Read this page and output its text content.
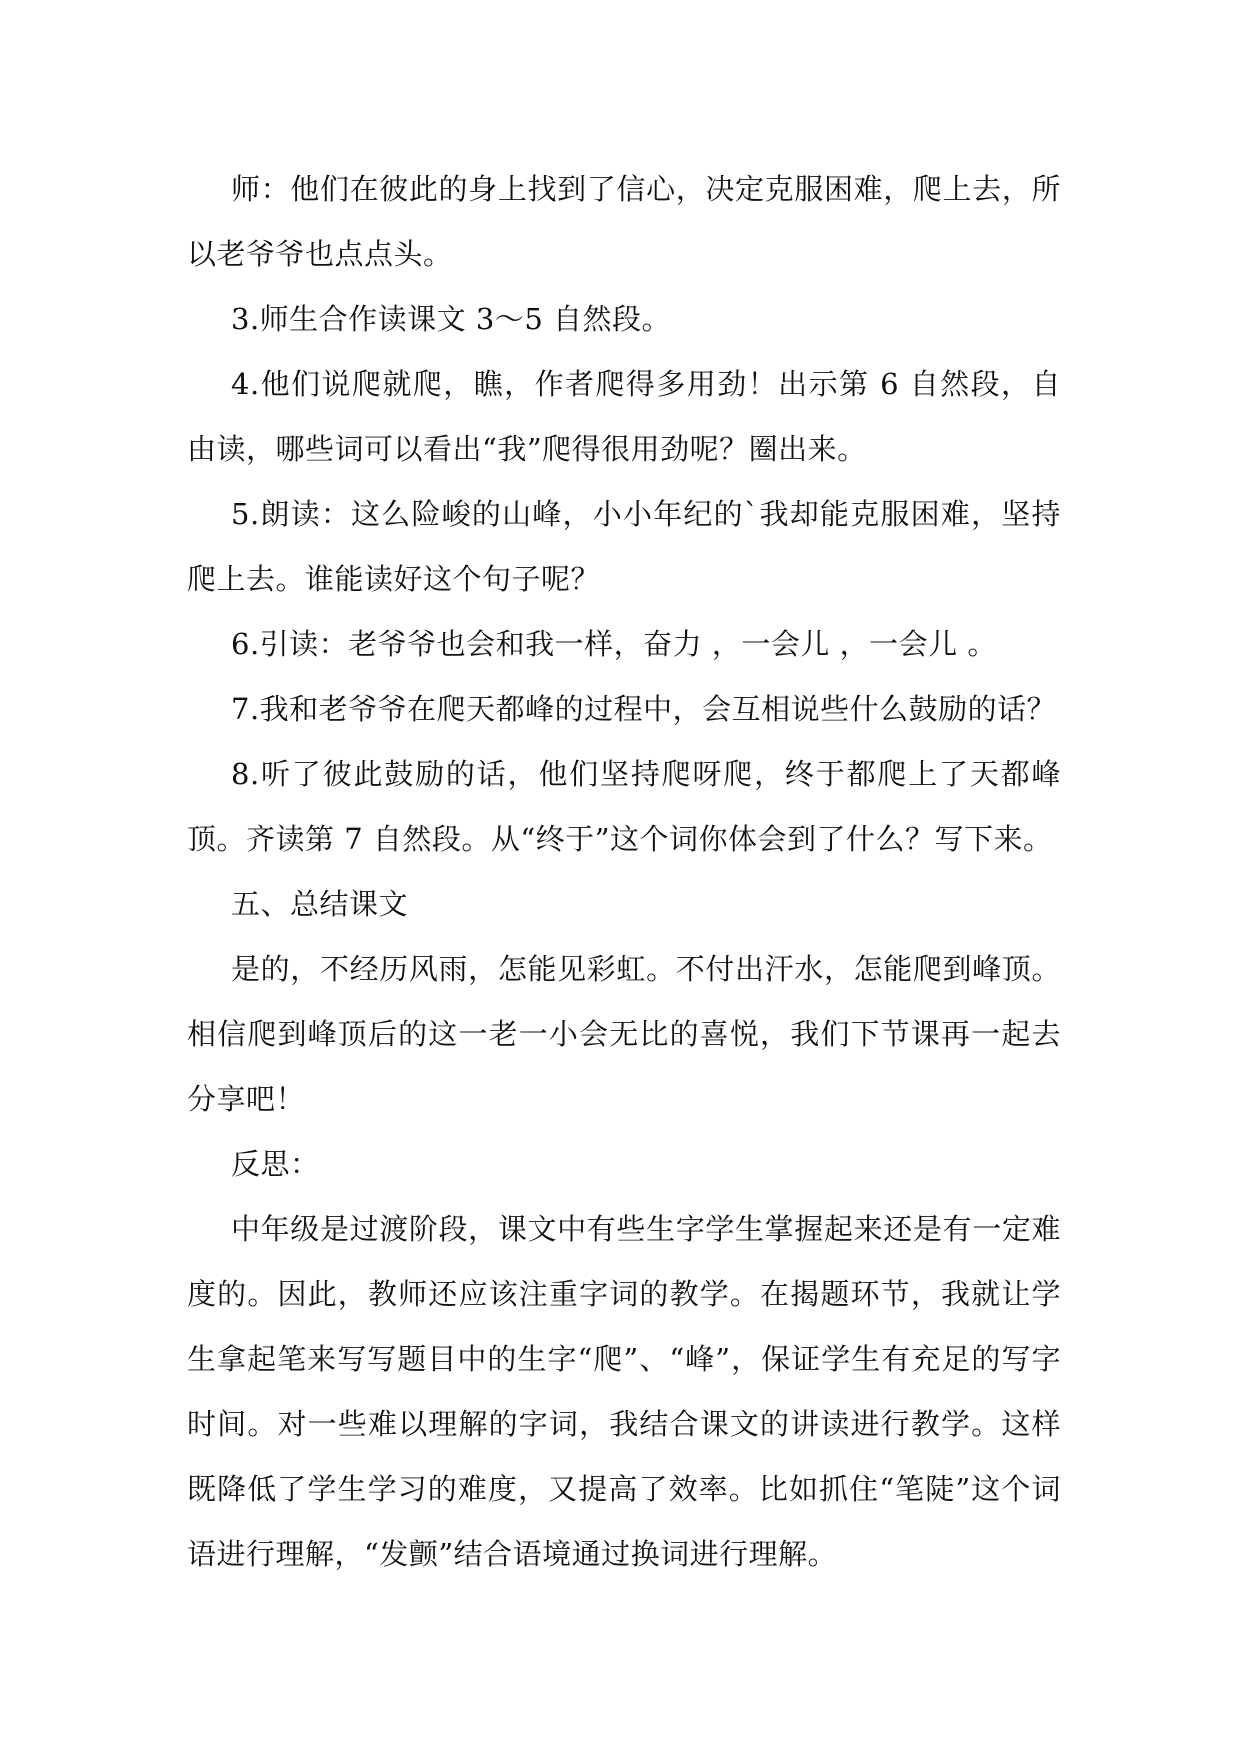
师：他们在彼此的身上找到了信心，决定克服困难，爬上去，所以老爷爷也点点头。

3.师生合作读课文 3～5 自然段。

4.他们说爬就爬，瞧，作者爬得多用劲！出示第 6 自然段，自由读，哪些词可以看出“我”爬得很用劲呢？圈出来。

5.朗读：这么险峻的山峰，小小年纪的`我却能克服困难，坚持爬上去。谁能读好这个句子呢？

6.引读：老爷爷也会和我一样，奋力 ，一会儿 ，一会儿 。

7.我和老爷爷在爬天都峰的过程中，会互相说些什么鼓励的话？

8.听了彼此鼓励的话，他们坚持爬呀爬，终于都爬上了天都峰顶。齐读第 7 自然段。从“终于”这个词你体会到了什么？写下来。

五、总结课文

是的，不经历风雨，怎能见彩虹。不付出汗水，怎能爬到峰顶。相信爬到峰顶后的这一老一小会无比的喜悦，我们下节课再一起去分享吧！

反思：

中年级是过渡阶段，课文中有些生字学生掌握起来还是有一定难度的。因此，教师还应该注重字词的教学。在揭题环节，我就让学生拿起笔来写写题目中的生字“爬”、“峰”，保证学生有充足的写字时间。对一些难以理解的字词，我结合课文的讲读进行教学。这样既降低了学生学习的难度，又提高了效率。比如抓住“笔陡”这个词语进行理解，“发颤”结合语境通过换词进行理解。
